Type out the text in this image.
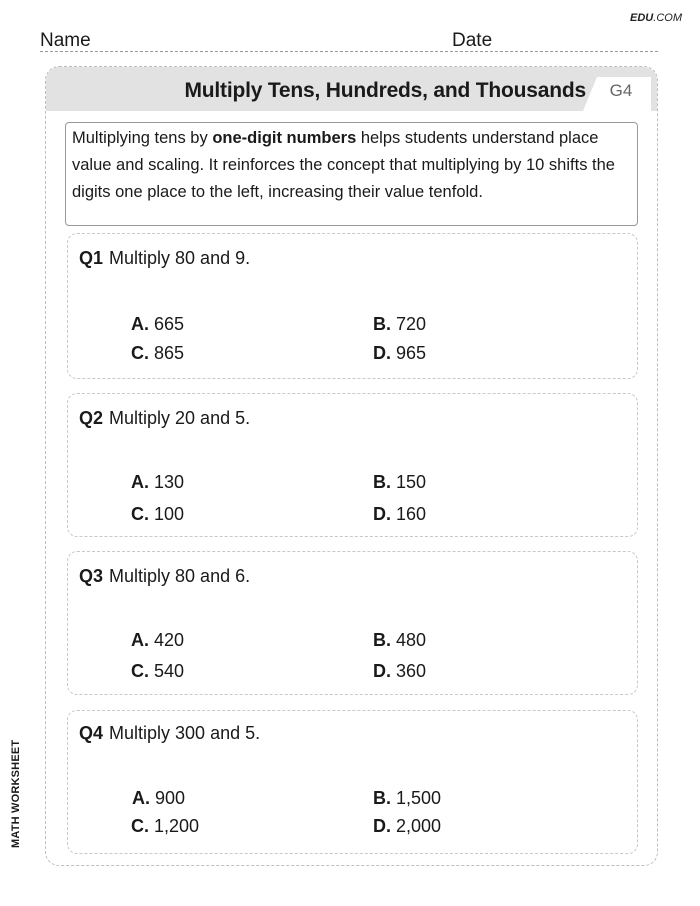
EDU.COM
Name	Date
Multiply Tens, Hundreds, and Thousands	G4
Multiplying tens by one-digit numbers helps students understand place value and scaling. It reinforces the concept that multiplying by 10 shifts the digits one place to the left, increasing their value tenfold.
Q1 Multiply 80 and 9.
A. 665	B. 720
C. 865	D. 965
Q2 Multiply 20 and 5.
A. 130	B. 150
C. 100	D. 160
Q3 Multiply 80 and 6.
A. 420	B. 480
C. 540	D. 360
Q4 Multiply 300 and 5.
A. 900	B. 1,500
C. 1,200	D. 2,000
MATH WORKSHEET
